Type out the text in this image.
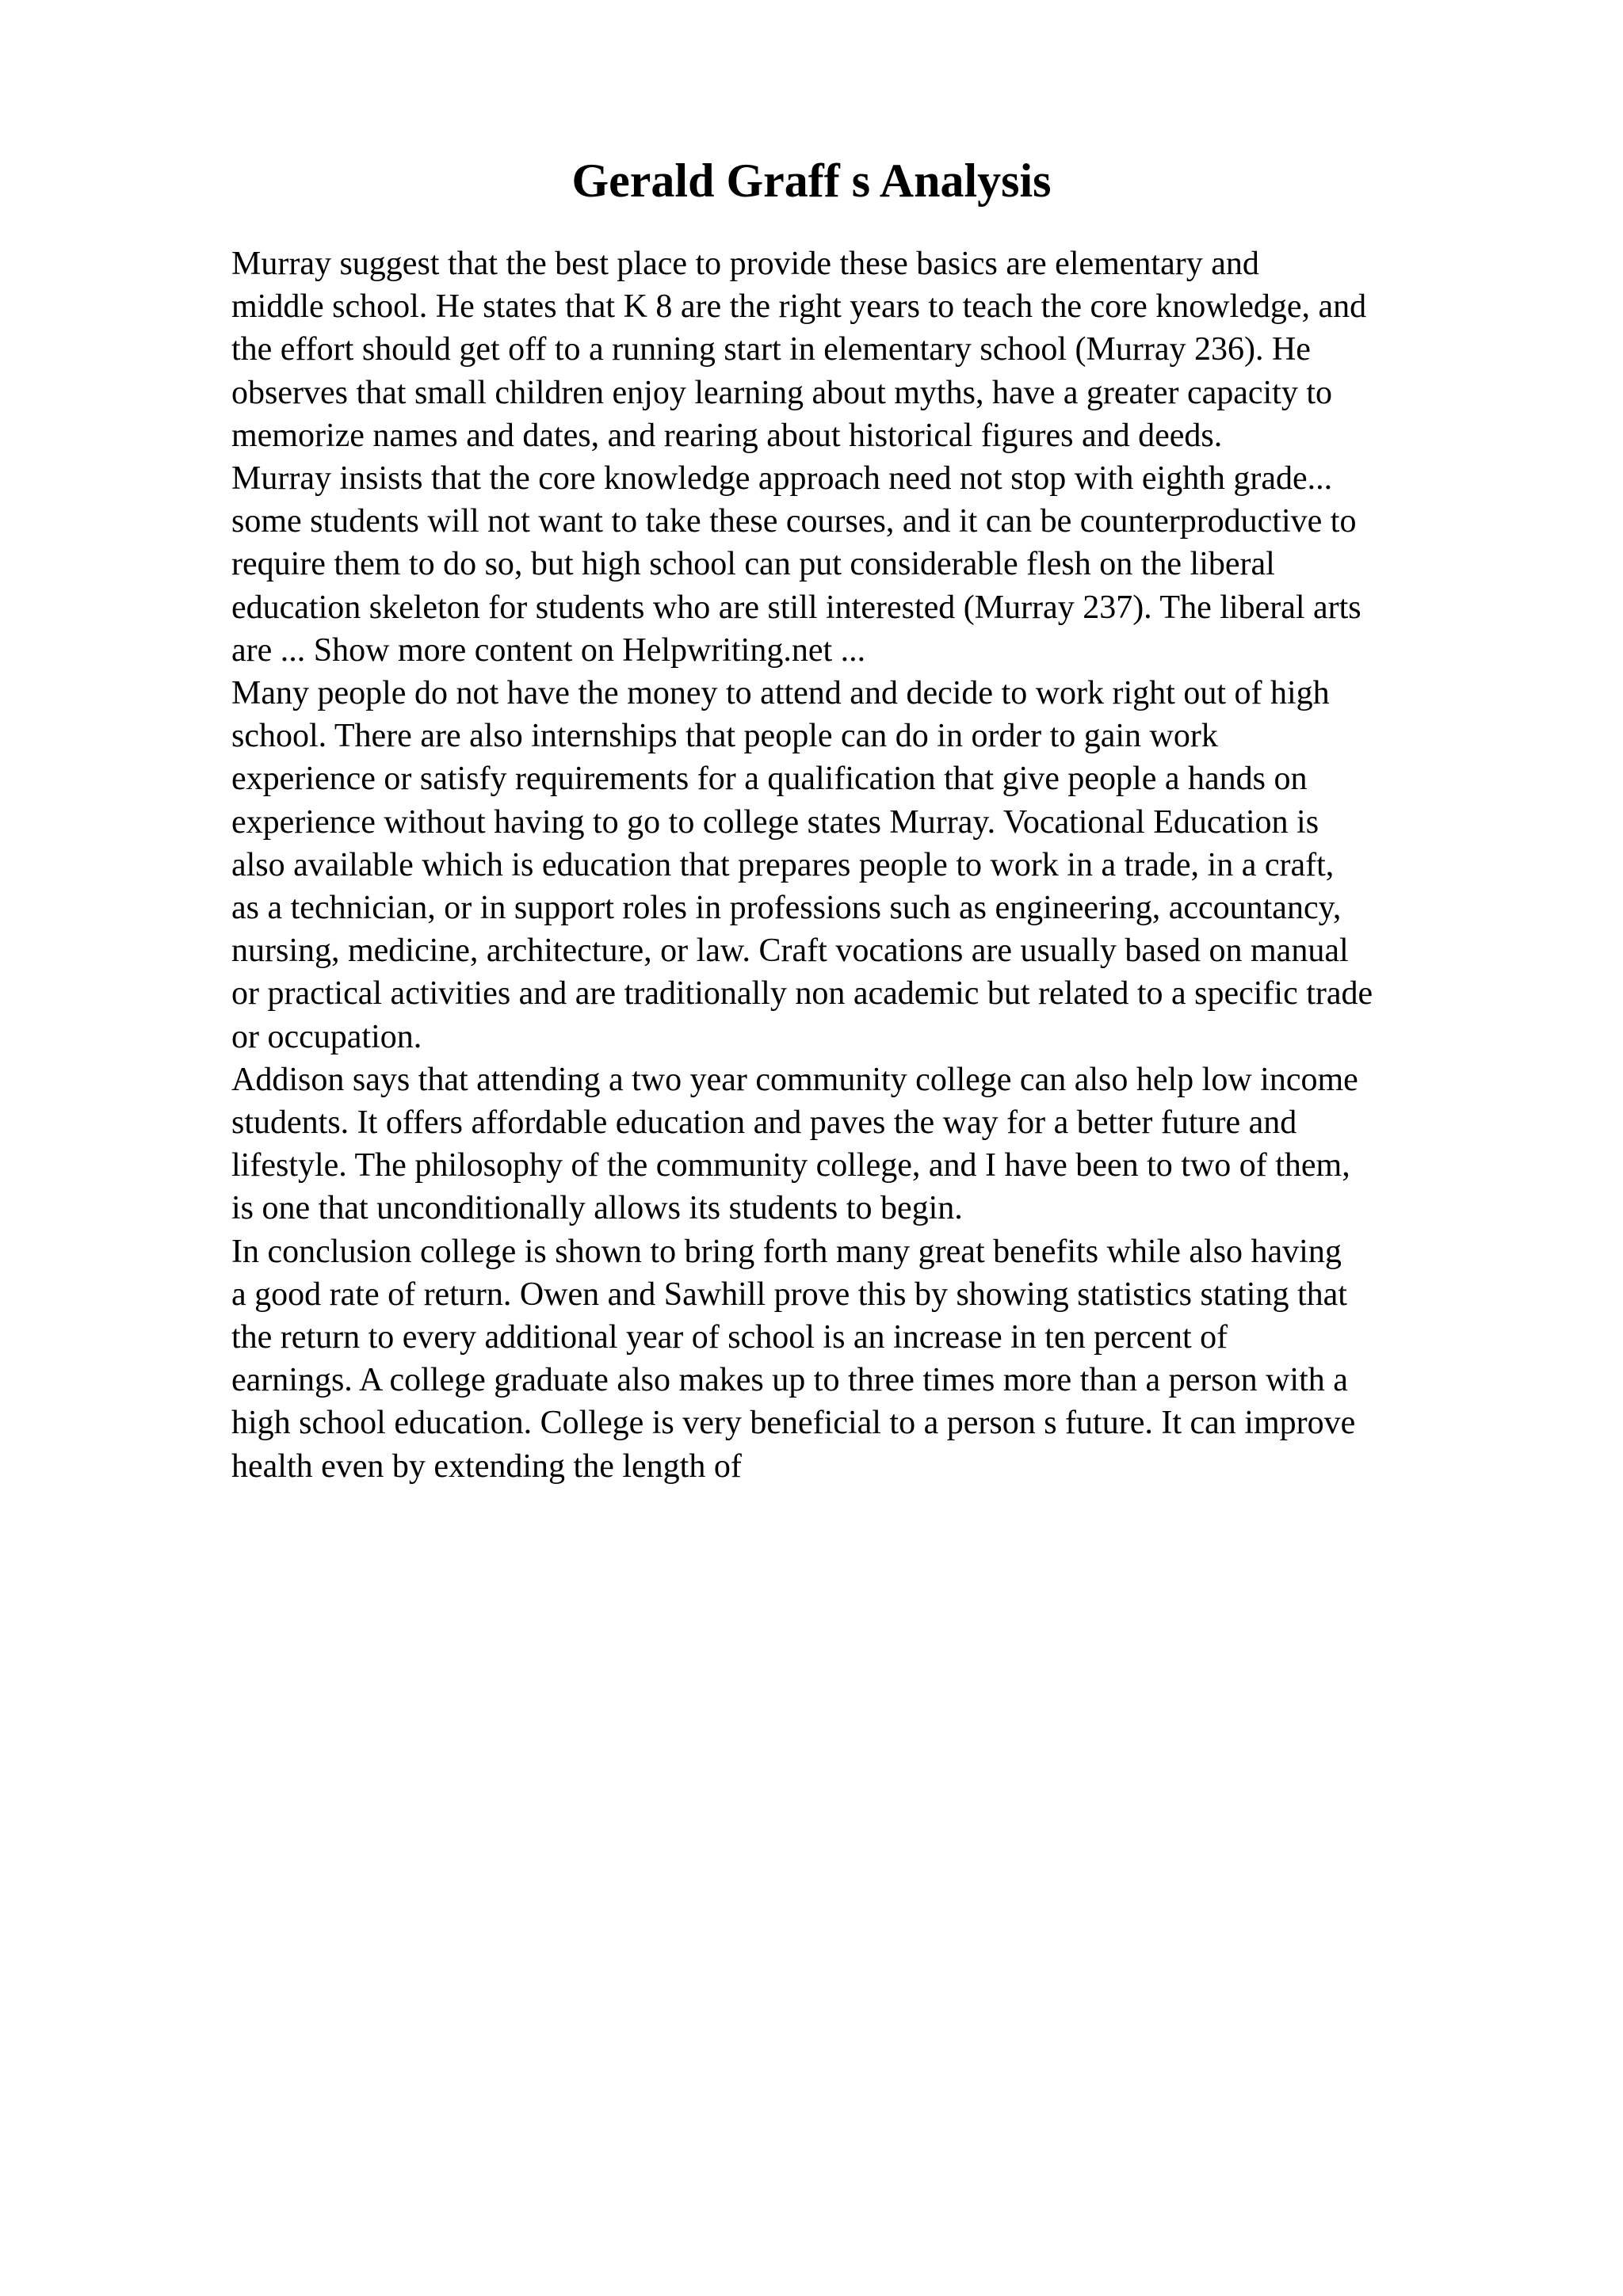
Gerald Graff s Analysis
Murray suggest that the best place to provide these basics are elementary and
middle school. He states that K 8 are the right years to teach the core knowledge, and
the effort should get off to a running start in elementary school (Murray 236). He
observes that small children enjoy learning about myths, have a greater capacity to
memorize names and dates, and rearing about historical figures and deeds.
Murray insists that the core knowledge approach need not stop with eighth grade...
some students will not want to take these courses, and it can be counterproductive to
require them to do so, but high school can put considerable flesh on the liberal
education skeleton for students who are still interested (Murray 237). The liberal arts
are ... Show more content on Helpwriting.net ...
Many people do not have the money to attend and decide to work right out of high
school. There are also internships that people can do in order to gain work
experience or satisfy requirements for a qualification that give people a hands on
experience without having to go to college states Murray. Vocational Education is
also available which is education that prepares people to work in a trade, in a craft,
as a technician, or in support roles in professions such as engineering, accountancy,
nursing, medicine, architecture, or law. Craft vocations are usually based on manual
or practical activities and are traditionally non academic but related to a specific trade
or occupation.
Addison says that attending a two year community college can also help low income
students. It offers affordable education and paves the way for a better future and
lifestyle. The philosophy of the community college, and I have been to two of them,
is one that unconditionally allows its students to begin.
In conclusion college is shown to bring forth many great benefits while also having
a good rate of return. Owen and Sawhill prove this by showing statistics stating that
the return to every additional year of school is an increase in ten percent of
earnings. A college graduate also makes up to three times more than a person with a
high school education. College is very beneficial to a person s future. It can improve
health even by extending the length of
